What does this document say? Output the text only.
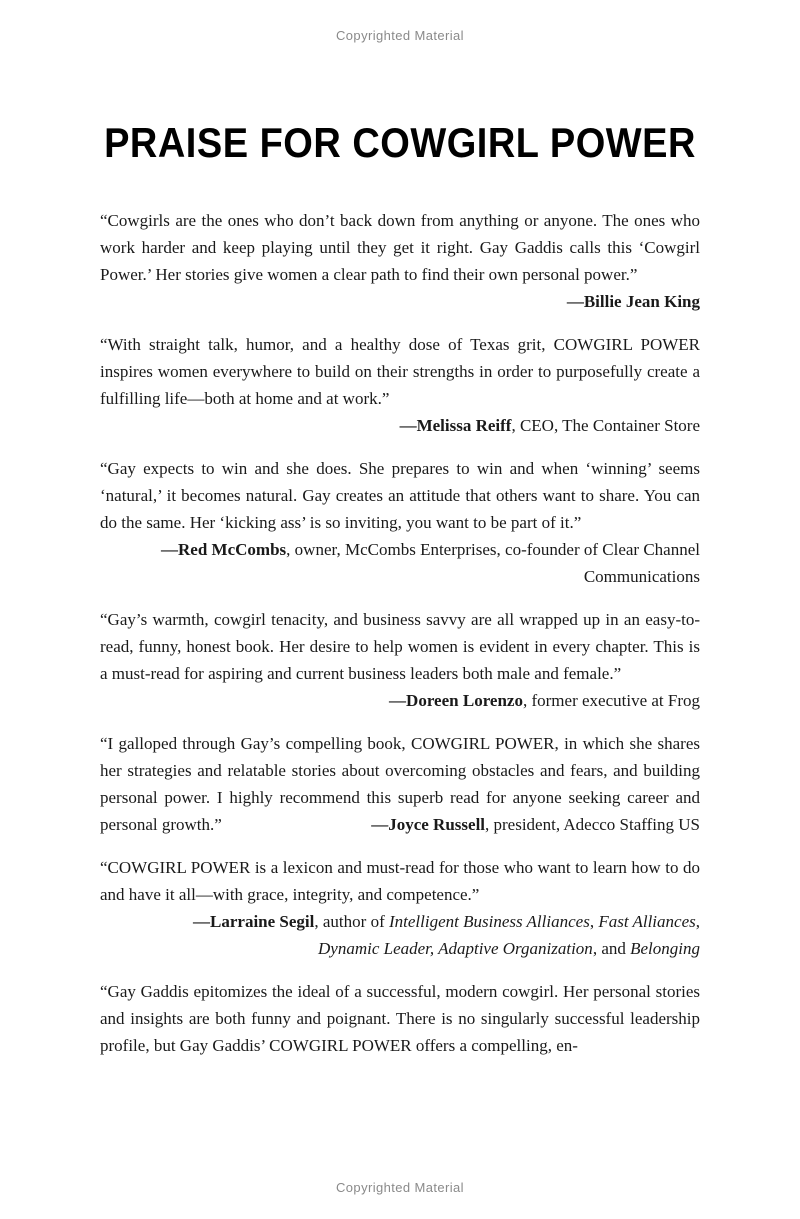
Copyrighted Material
PRAISE FOR COWGIRL POWER

“Cowgirls are the ones who don’t back down from anything or anyone. The ones who work harder and keep playing until they get it right. Gay Gaddis calls this ‘Cowgirl Power.’ Her stories give women a clear path to find their own personal power.”
—Billie Jean King

“With straight talk, humor, and a healthy dose of Texas grit, COWGIRL POWER inspires women everywhere to build on their strengths in order to purposefully create a fulfilling life—both at home and at work.”
—Melissa Reiff, CEO, The Container Store

“Gay expects to win and she does. She prepares to win and when ‘winning’ seems ‘natural,’ it becomes natural. Gay creates an attitude that others want to share. You can do the same. Her ‘kicking ass’ is so inviting, you want to be part of it.”
—Red McCombs, owner, McCombs Enterprises, co-founder of Clear Channel Communications

“Gay’s warmth, cowgirl tenacity, and business savvy are all wrapped up in an easy-to-read, funny, honest book. Her desire to help women is evident in every chapter. This is a must-read for aspiring and current business leaders both male and female.”
—Doreen Lorenzo, former executive at Frog

“I galloped through Gay’s compelling book, COWGIRL POWER, in which she shares her strategies and relatable stories about overcoming obstacles and fears, and building personal power. I highly recommend this superb read for anyone seeking career and personal growth.”	—Joyce Russell, president, Adecco Staffing US

“COWGIRL POWER is a lexicon and must-read for those who want to learn how to do and have it all—with grace, integrity, and competence.”
—Larraine Segil, author of Intelligent Business Alliances, Fast Alliances, Dynamic Leader, Adaptive Organization, and Belonging

“Gay Gaddis epitomizes the ideal of a successful, modern cowgirl. Her personal stories and insights are both funny and poignant. There is no singularly successful leadership profile, but Gay Gaddis’ COWGIRL POWER offers a compelling, en-

Copyrighted Material
